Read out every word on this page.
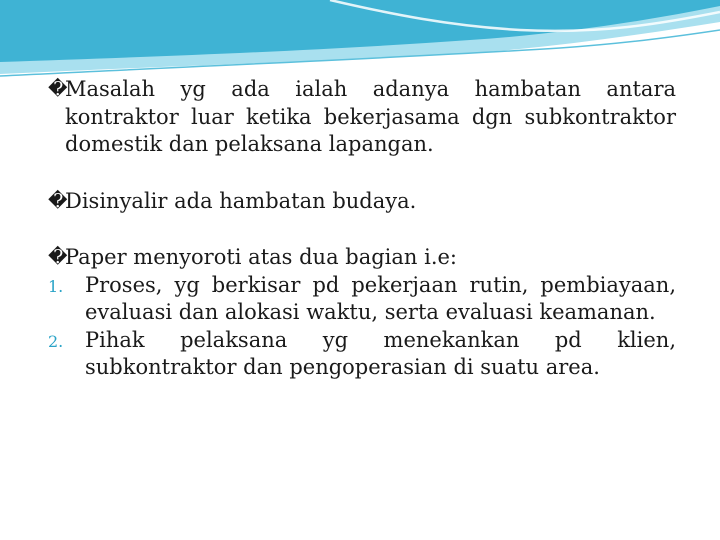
�
Masalah yg ada ialah adanya hambatan antara kontraktor luar ketika bekerjasama dgn subkontraktor domestik dan pelaksana lapangan.
�
Disinyalir ada hambatan budaya.
�
Paper menyoroti atas dua bagian i.e:
1. Proses, yg berkisar pd pekerjaan rutin, pembiayaan, evaluasi dan alokasi waktu, serta evaluasi keamanan.
2. Pihak pelaksana yg menekankan pd klien, subkontraktor dan pengoperasian di suatu area.
